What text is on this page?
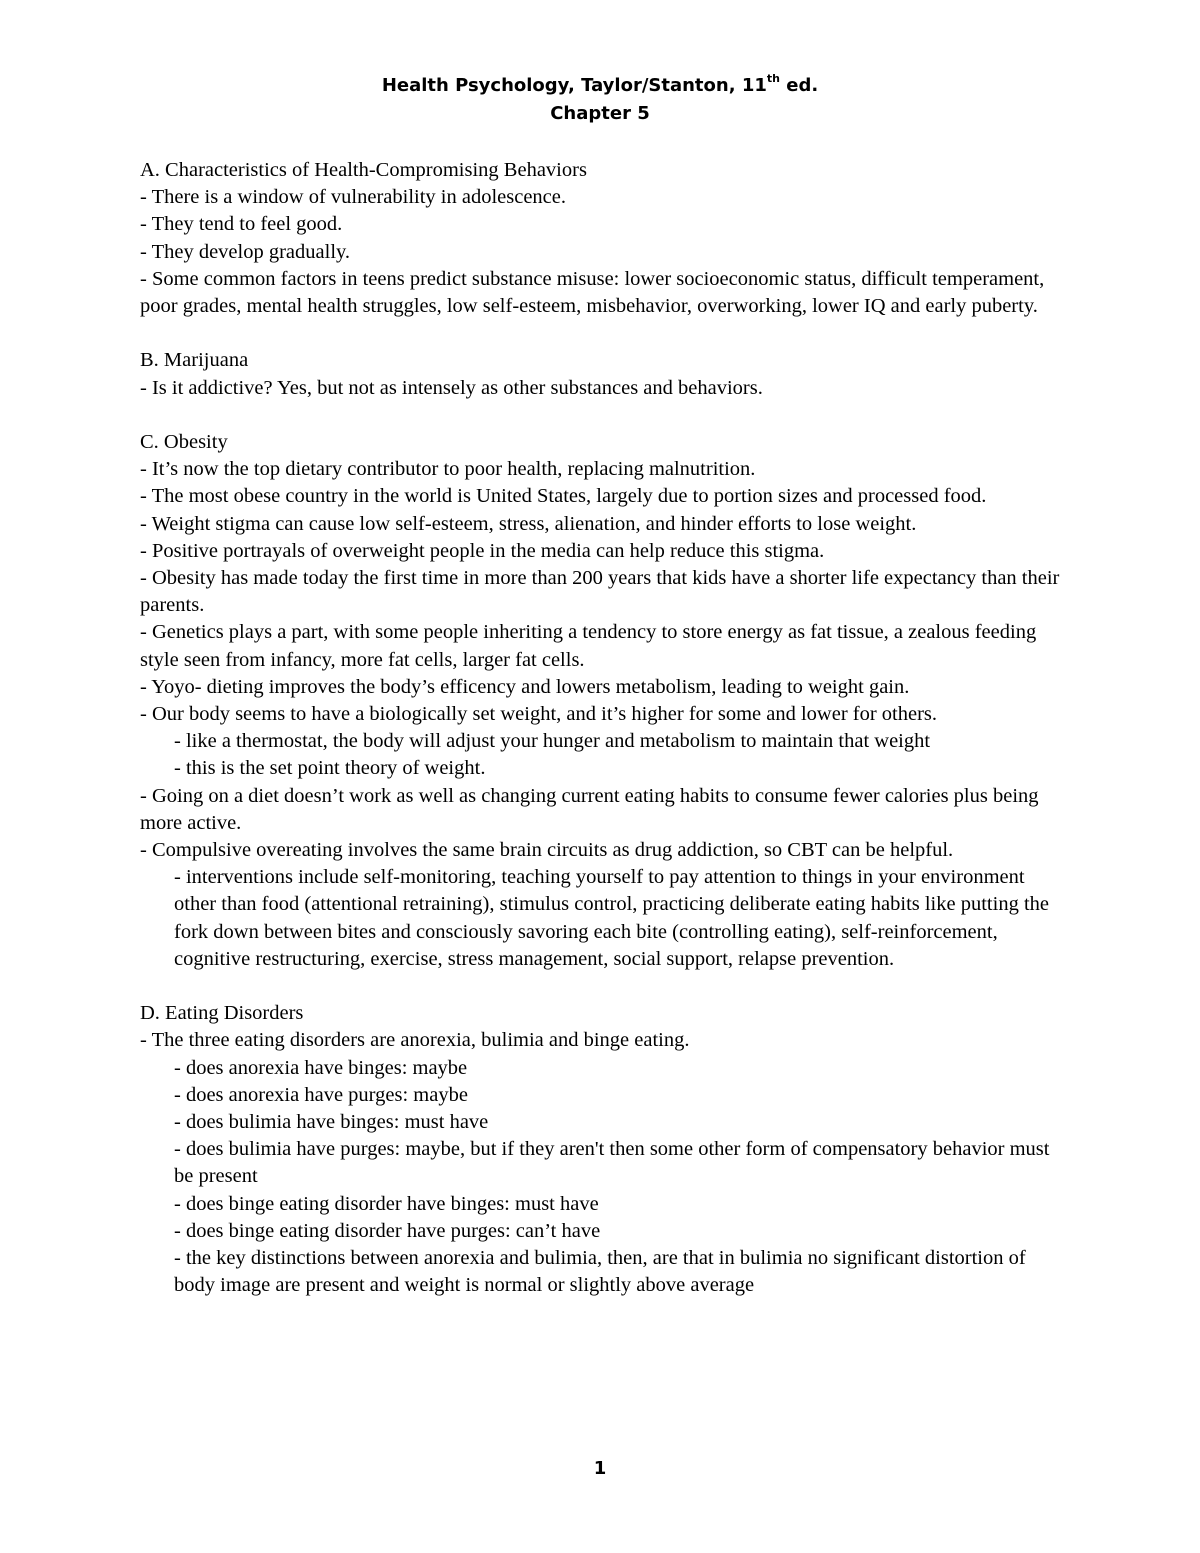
Health Psychology, Taylor/Stanton, 11th ed.
Chapter 5
A. Characteristics of Health-Compromising Behaviors
- There is a window of vulnerability in adolescence.
- They tend to feel good.
- They develop gradually.
- Some common factors in teens predict substance misuse: lower socioeconomic status, difficult temperament, poor grades, mental health struggles, low self-esteem, misbehavior, overworking, lower IQ and early puberty.
B. Marijuana
- Is it addictive? Yes, but not as intensely as other substances and behaviors.
C. Obesity
- It’s now the top dietary contributor to poor health, replacing malnutrition.
- The most obese country in the world is United States, largely due to portion sizes and processed food.
- Weight stigma can cause low self-esteem, stress, alienation, and hinder efforts to lose weight.
- Positive portrayals of overweight people in the media can help reduce this stigma.
- Obesity has made today the first time in more than 200 years that kids have a shorter life expectancy than their parents.
- Genetics plays a part, with some people inheriting a tendency to store energy as fat tissue, a zealous feeding style seen from infancy, more fat cells, larger fat cells.
- Yoyo- dieting improves the body’s efficency and lowers metabolism, leading to weight gain.
- Our body seems to have a biologically set weight, and it’s higher for some and lower for others.
- like a thermostat, the body will adjust your hunger and metabolism to maintain that weight
- this is the set point theory of weight.
- Going on a diet doesn’t work as well as changing current eating habits to consume fewer calories plus being more active.
- Compulsive overeating involves the same brain circuits as drug addiction, so CBT can be helpful.
- interventions include self-monitoring, teaching yourself to pay attention to things in your environment other than food (attentional retraining), stimulus control, practicing deliberate eating habits like putting the fork down between bites and consciously savoring each bite (controlling eating), self-reinforcement, cognitive restructuring, exercise, stress management, social support, relapse prevention.
D. Eating Disorders
- The three eating disorders are anorexia, bulimia and binge eating.
- does anorexia have binges: maybe
- does anorexia have purges: maybe
- does bulimia have binges: must have
- does bulimia have purges: maybe, but if they aren't then some other form of compensatory behavior must be present
- does binge eating disorder have binges: must have
- does binge eating disorder have purges: can’t have
- the key distinctions between anorexia and bulimia, then, are that in bulimia no significant distortion of body image are present and weight is normal or slightly above average
1
